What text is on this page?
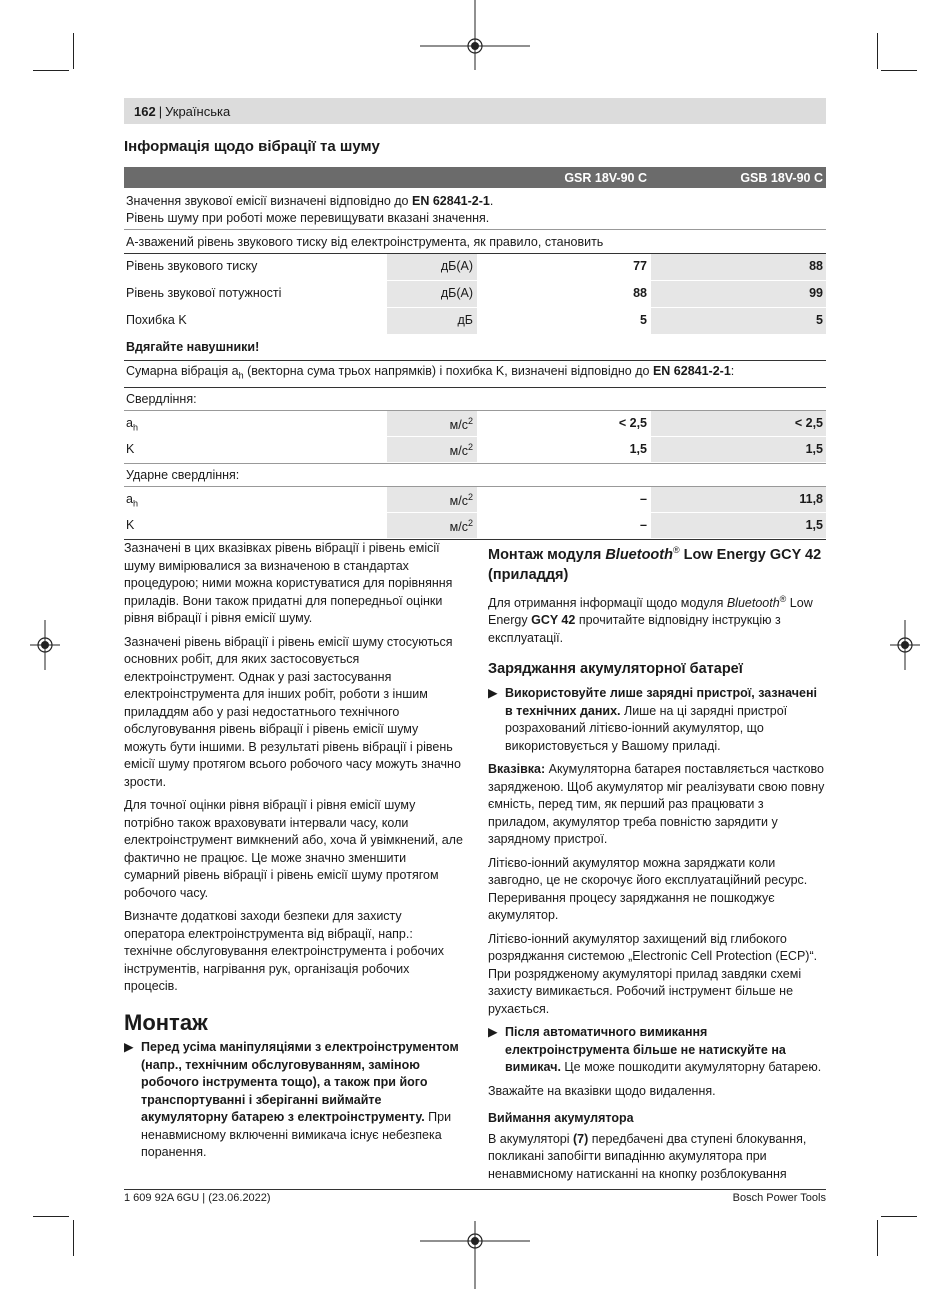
162 | Українська
Інформація щодо вібрації та шуму
GSR 18V-90 C	GSB 18V-90 C
Значення звукової емісії визначені відповідно до EN 62841-2-1.
Рівень шуму при роботі може перевищувати вказані значення.
А-зважений рівень звукового тиску від електроінструмента, як правило, становить
Рівень звукового тиску	дБ(А)	77	88
Рівень звукової потужності	дБ(А)	88	99
Похибка K	дБ	5	5
Вдягайте навушники!
Сумарна вібрація $a_h$ (векторна сума трьох напрямків) і похибка K, визначені відповідно до EN 62841-2-1:
Свердління:
$a_h$	$м/с^2$	< 2,5	< 2,5
K	$м/с^2$	1,5	1,5
Ударне свердління:
$a_h$	$м/с^2$	–	11,8
K	$м/с^2$	–	1,5

Зазначені в цих вказівках рівень вібрації і рівень емісії шуму вимірювалися за визначеною в стандартах процедурою; ними можна користуватися для порівняння приладів. Вони також придатні для попередньої оцінки рівня вібрації і рівня емісії шуму.

Зазначені рівень вібрації і рівень емісії шуму стосуються основних робіт, для яких застосовується електроінструмент. Однак у разі застосування електроінструмента для інших робіт, роботи з іншим приладдям або у разі недостатнього технічного обслуговування рівень вібрації і рівень емісії шуму можуть бути іншими. В результаті рівень вібрації і рівень емісії шуму протягом всього робочого часу можуть значно зрости.

Для точної оцінки рівня вібрації і рівня емісії шуму потрібно також враховувати інтервали часу, коли електроінструмент вимкнений або, хоча й увімкнений, але фактично не працює. Це може значно зменшити сумарний рівень вібрації і рівень емісії шуму протягом робочого часу.

Визначте додаткові заходи безпеки для захисту оператора електроінструмента від вібрації, напр.: технічне обслуговування електроінструмента і робочих інструментів, нагрівання рук, організація робочих процесів.

Монтаж
▶ Перед усіма маніпуляціями з електроінструментом (напр., технічним обслуговуванням, заміною робочого інструмента тощо), а також при його транспортуванні і зберіганні виймайте акумуляторну батарею з електроінструменту. При ненавмисному включенні вимикача існує небезпека поранення.
Монтаж модуля Bluetooth® Low Energy GCY 42 (приладдя)

Для отримання інформації щодо модуля Bluetooth® Low Energy GCY 42 прочитайте відповідну інструкцію з експлуатації.

Заряджання акумуляторної батареї
▶ Використовуйте лише зарядні пристрої, зазначені в технічних даних. Лише на ці зарядні пристрої розрахований літієво-іонний акумулятор, що використовується у Вашому приладі.

Вказівка: Акумуляторна батарея поставляється частково зарядженою. Щоб акумулятор міг реалізувати свою повну ємність, перед тим, як перший раз працювати з приладом, акумулятор треба повністю зарядити у зарядному пристрої.

Літієво-іонний акумулятор можна заряджати коли завгодно, це не скорочує його експлуатаційний ресурс. Переривання процесу заряджання не пошкоджує акумулятор.

Літієво-іонний акумулятор захищений від глибокого розряджання системою „Electronic Cell Protection (ECP)“. При розрядженому акумуляторі прилад завдяки схемі захисту вимикається. Робочий інструмент більше не рухається.

▶ Після автоматичного вимикання електроінструмента більше не натискуйте на вимикач. Це може пошкодити акумуляторну батарею.

Зважайте на вказівки щодо видалення.

Виймання акумулятора

В акумуляторі (7) передбачені два ступені блокування, покликані запобігти випадінню акумулятора при ненавмисному натисканні на кнопку розблокування

1 609 92A 6GU | (23.06.2022)	Bosch Power Tools
